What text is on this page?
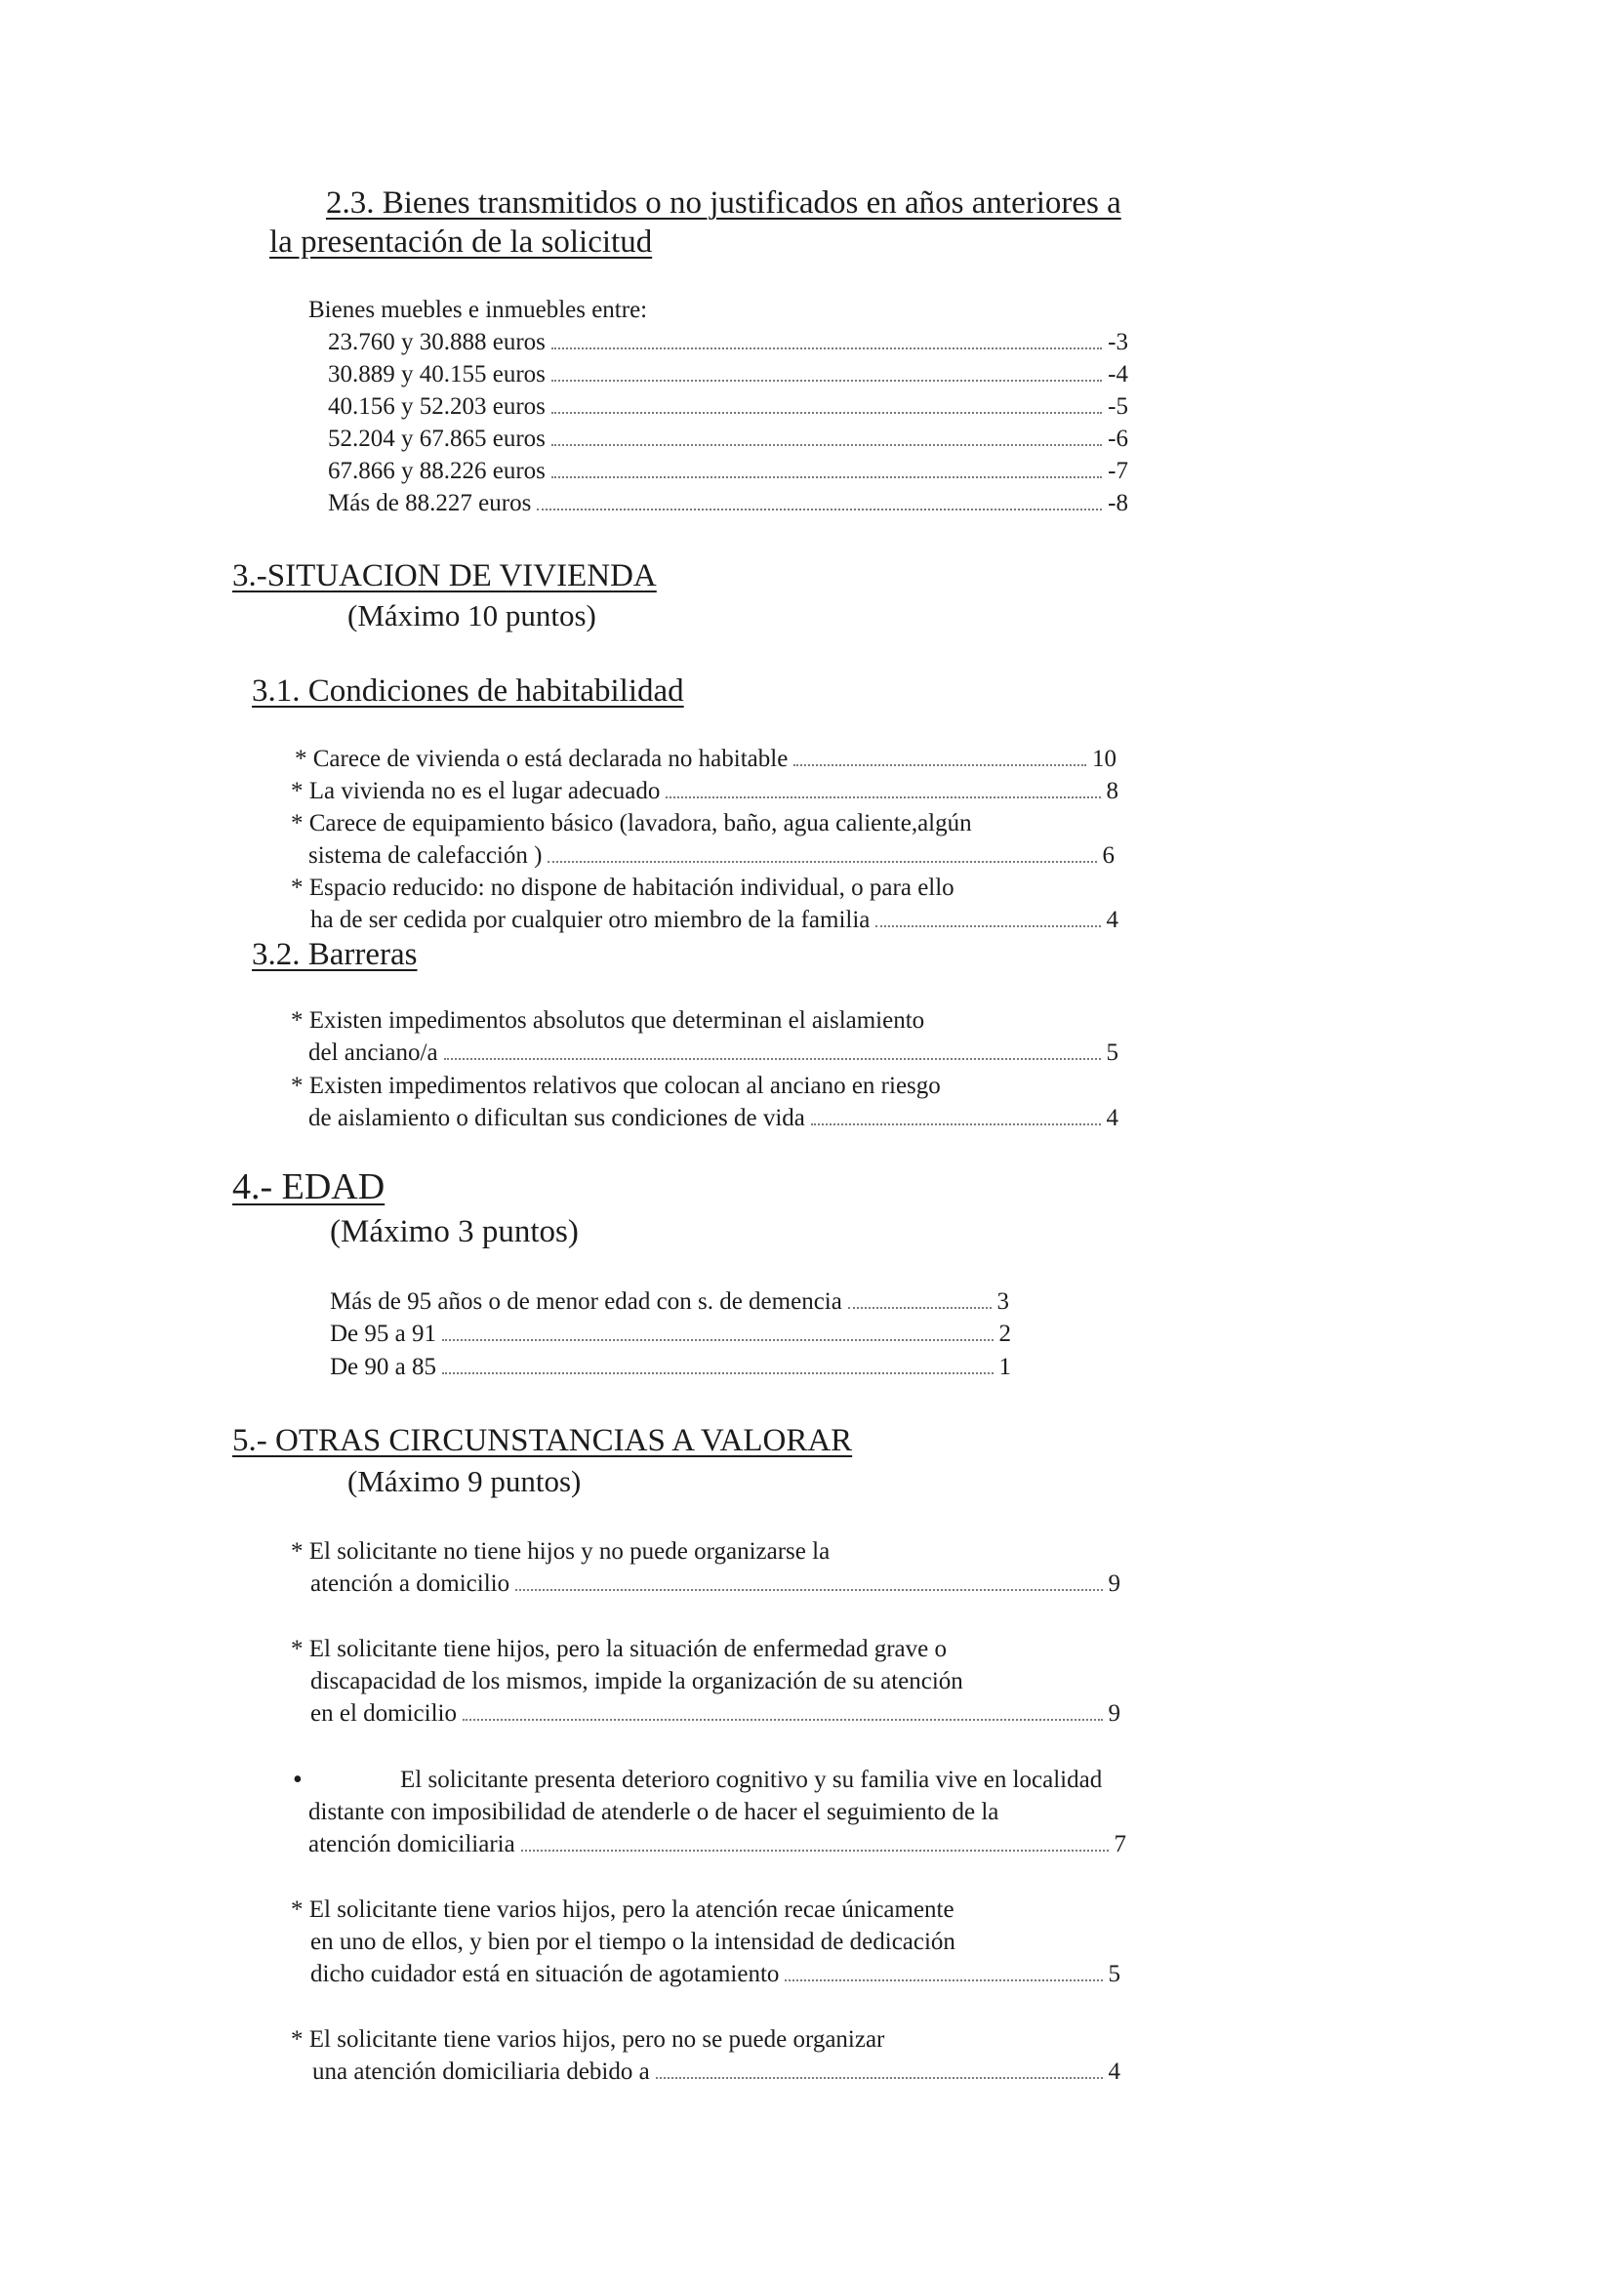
2.3. Bienes transmitidos o no justificados en años anteriores a
la presentación de la solicitud
Bienes muebles e inmuebles entre:
23.760 y 30.888 euros	-3
30.889 y 40.155 euros	-4
40.156 y 52.203 euros	-5
52.204 y 67.865 euros	-6
67.866 y 88.226 euros	-7
Más de 88.227 euros	-8
3.-SITUACION DE VIVIENDA
(Máximo 10 puntos)
3.1. Condiciones de habitabilidad
* Carece de vivienda o está declarada no habitable	10
* La vivienda no es el lugar adecuado	8
* Carece de equipamiento básico (lavadora, baño, agua caliente,algún
sistema de calefacción )	6
* Espacio reducido: no dispone de habitación individual, o para ello
ha de ser cedida por cualquier otro miembro de la familia	4
3.2. Barreras
* Existen impedimentos absolutos que determinan el aislamiento
del anciano/a	5
* Existen impedimentos relativos que colocan al anciano en riesgo
de aislamiento o dificultan sus condiciones de vida	4
4.- EDAD
(Máximo 3 puntos)
Más de 95 años o de menor edad con s. de demencia	3
De 95 a 91	2
De 90 a 85	1
5.- OTRAS CIRCUNSTANCIAS A VALORAR
(Máximo 9 puntos)
* El solicitante no tiene hijos y no puede organizarse la
atención a domicilio	9
* El solicitante tiene hijos, pero la situación de enfermedad grave o
discapacidad de los mismos, impide la organización de su atención
en el domicilio	9
•	El solicitante presenta deterioro cognitivo y su familia vive en localidad
distante con imposibilidad de atenderle o de hacer el seguimiento de la
atención domiciliaria	7
* El solicitante tiene varios hijos, pero la atención recae únicamente
en uno de ellos, y bien por el tiempo o la intensidad de dedicación
dicho cuidador está en situación de agotamiento	5
* El solicitante tiene varios hijos, pero no se puede organizar
una atención domiciliaria debido a	4
